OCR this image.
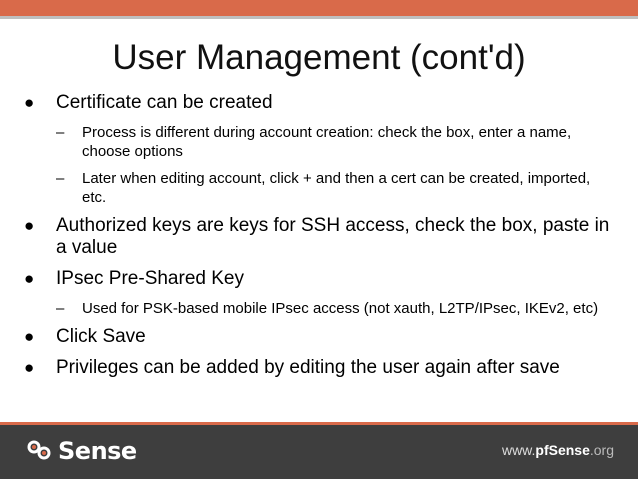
User Management (cont'd)
● Certificate can be created
– Process is different during account creation: check the box, enter a name, choose options
– Later when editing account, click + and then a cert can be created, imported, etc.
● Authorized keys are keys for SSH access, check the box, paste in a value
● IPsec Pre-Shared Key
– Used for PSK-based mobile IPsec access (not xauth, L2TP/IPsec, IKEv2, etc)
● Click Save
● Privileges can be added by editing the user again after save
Sense	www.pfSense.org
